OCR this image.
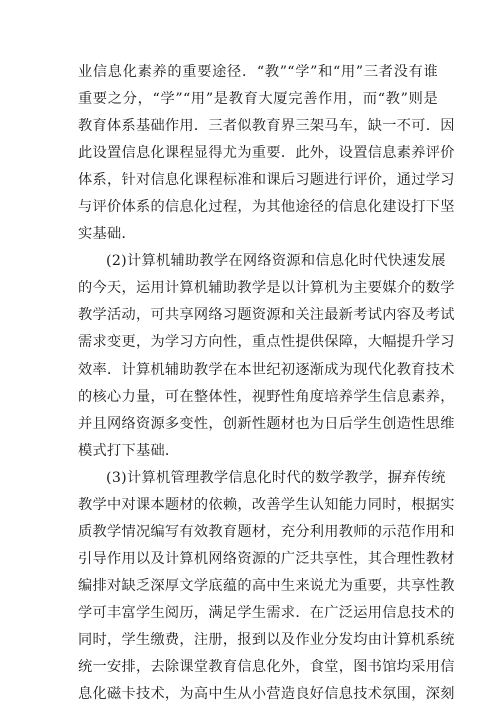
业信息化素养的重要途径．“教”“学”和“用”三者没有谁
重要之分，“学”“用”是教育大厦完善作用，而“教”则是
教育体系基础作用．三者似教育界三架马车，缺一不可．因
此设置信息化课程显得尤为重要．此外，设置信息素养评价
体系，针对信息化课程标准和课后习题进行评价，通过学习
与评价体系的信息化过程，为其他途径的信息化建设打下坚
实基础．
(2)计算机辅助教学在网络资源和信息化时代快速发展
的今天，运用计算机辅助教学是以计算机为主要媒介的数学
教学活动，可共享网络习题资源和关注最新考试内容及考试
需求变更，为学习方向性，重点性提供保障，大幅提升学习
效率．计算机辅助教学在本世纪初逐渐成为现代化教育技术
的核心力量，可在整体性，视野性角度培养学生信息素养，
并且网络资源多变性，创新性题材也为日后学生创造性思维
模式打下基础．
(3)计算机管理教学信息化时代的数学教学，摒弃传统
教学中对课本题材的依赖，改善学生认知能力同时，根据实
质教学情况编写有效教育题材，充分利用教师的示范作用和
引导作用以及计算机网络资源的广泛共享性，其合理性教材
编排对缺乏深厚文学底蕴的高中生来说尤为重要，共享性教
学可丰富学生阅历，满足学生需求．在广泛运用信息技术的
同时，学生缴费，注册，报到以及作业分发均由计算机系统
统一安排，去除课堂教育信息化外，食堂，图书馆均采用信
息化磁卡技术，为高中生从小营造良好信息技术氛围，深刻
